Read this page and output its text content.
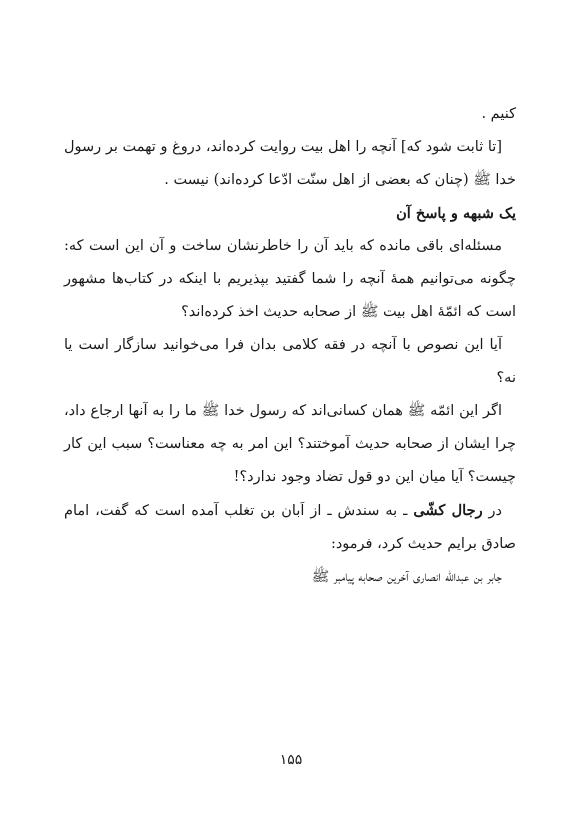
کنیم .

[تا ثابت شود که] آنچه را اهل بیت روایت کرده‌اند، دروغ و تهمت بر رسول خدا ﷺ (چنان که بعضی از اهل سنّت ادّعا کرده‌اند) نیست .

یک شبهه و پاسخ آن

مسئله‌ای باقی مانده که باید آن را خاطرنشان ساخت و آن این است که: چگونه می‌توانیم همهٔ آنچه را شما گفتید بپذیریم با اینکه در کتاب‌ها مشهور است که ائمّهٔ اهل بیت ﷺ از صحابه حدیث اخذ کرده‌اند؟

آیا این نصوص با آنچه در فقه کلامی بدان فرا می‌خوانید سازگار است یا نه؟

اگر این ائمّه ﷺ همان کسانی‌اند که رسول خدا ﷺ ما را به آنها ارجاع داد، چرا ایشان از صحابه حدیث آموختند؟ این امر به چه معناست؟ سبب این کار چیست؟ آیا میان این دو قول تضاد وجود ندارد؟!

در رجال کشّی ـ به سندش ـ از اَبان بن تغلب آمده است که گفت، امام صادق برایم حدیث کرد، فرمود:

جابر بن عبدالله انصاری آخرین صحابه پیامبر ﷺ

۱۵۵
